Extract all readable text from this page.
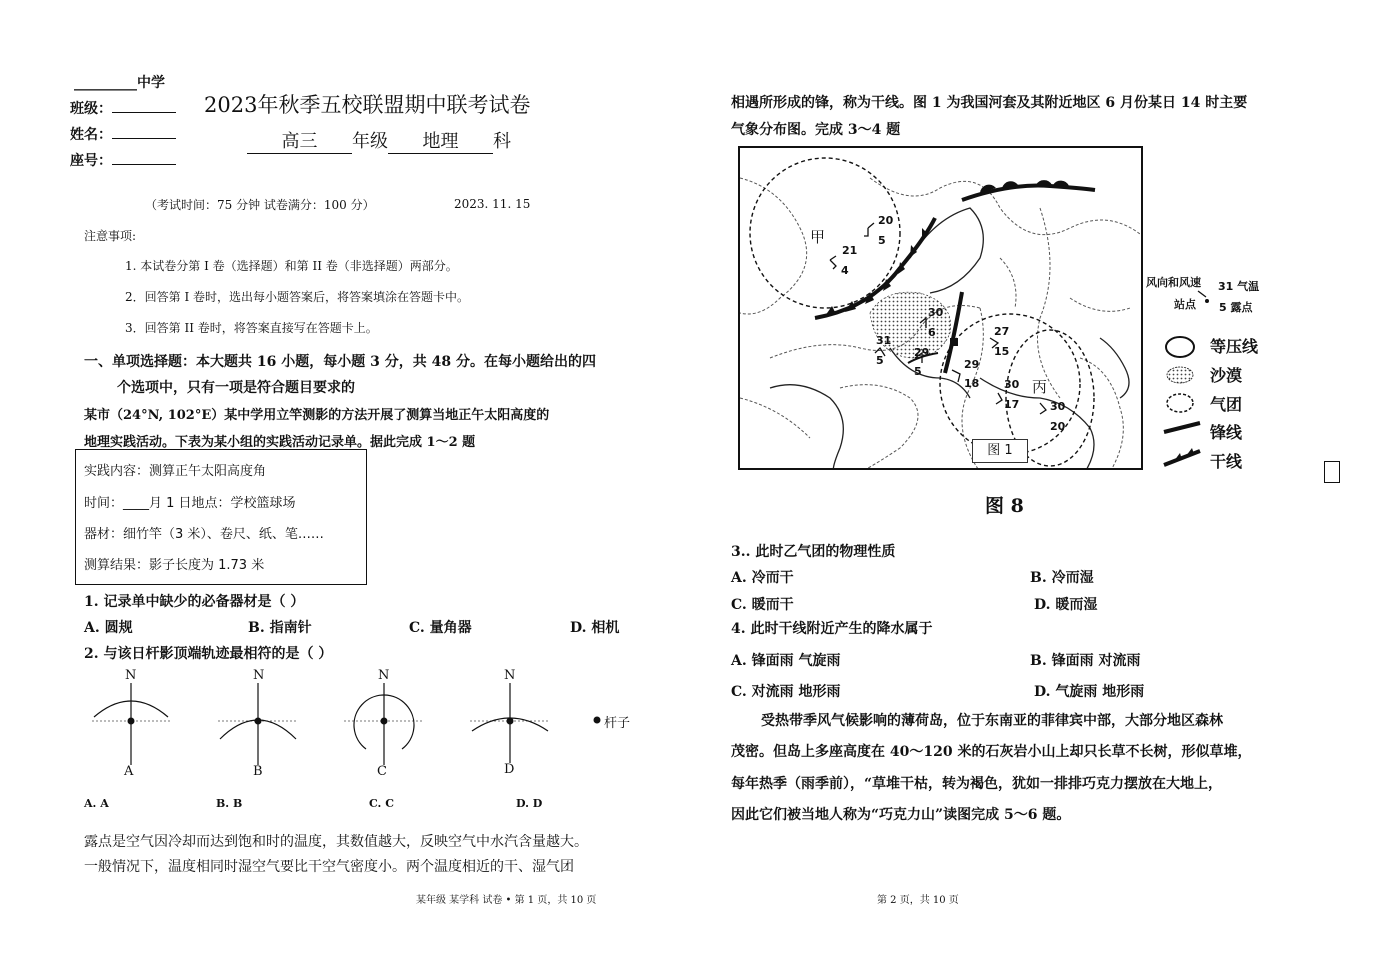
_________中学
班级：
姓名：
座号：
2023年秋季五校联盟期中联考试卷
高三 年级 地理 科
（考试时间：75 分钟 试卷满分：100 分）	2023. 11. 15
注意事项:
1. 本试卷分第 I 卷（选择题）和第 II 卷（非选择题）两部分。
2．回答第 I 卷时，选出每小题答案后，将答案填涂在答题卡中。
3．回答第 II 卷时，将答案直接写在答题卡上。
一、单项选择题：本大题共 16 小题，每小题 3 分，共 48 分。在每小题给出的四
个选项中，只有一项是符合题目要求的
某市（24°N, 102°E）某中学用立竿测影的方法开展了测算当地正午太阳高度的
地理实践活动。下表为某小组的实践活动记录单。据此完成 1～2 题
实践内容：测算正午太阳高度角
时间：____月 1 日地点：学校篮球场
器材：细竹竿（3 米）、卷尺、纸、笔……
测算结果：影子长度为 1.73 米
1. 记录单中缺少的必备器材是（ ）
A. 圆规	B. 指南针	C. 量角器	D. 相机
2. 与该日杆影顶端轨迹最相符的是（ ）
N	N	N	N
A	B	C	D
杆子
A. A	B. B	C. C	D. D
露点是空气因冷却而达到饱和时的温度，其数值越大，反映空气中水汽含量越大。
一般情况下，温度相同时湿空气要比干空气密度小。两个温度相近的干、湿气团
某年级 某学科 试卷 • 第 1 页，共 10 页
相遇所形成的锋，称为干线。图 1 为我国河套及其附近地区 6 月份某日 14 时主要
气象分布图。完成 3～4 题
甲
丙
20
5
21
4
30
6
31
5
29
5
27
15
29
18 30
17	30
20
图 1
风向和风速 31 气温
站点 5 露点
等压线
沙漠
气团
锋线
干线
图 8
3.. 此时乙气团的物理性质
A. 冷而干	B. 冷而湿
C. 暖而干	D. 暖而湿
4. 此时干线附近产生的降水属于
A. 锋面雨 气旋雨	B. 锋面雨 对流雨
C. 对流雨 地形雨	D. 气旋雨 地形雨
受热带季风气候影响的薄荷岛，位于东南亚的菲律宾中部，大部分地区森林
茂密。但岛上多座高度在 40～120 米的石灰岩小山上却只长草不长树，形似草堆，
每年热季（雨季前），“草堆干枯，转为褐色，犹如一排排巧克力摆放在大地上，
因此它们被当地人称为“巧克力山”读图完成 5～6 题。
第 2 页，共 10 页
